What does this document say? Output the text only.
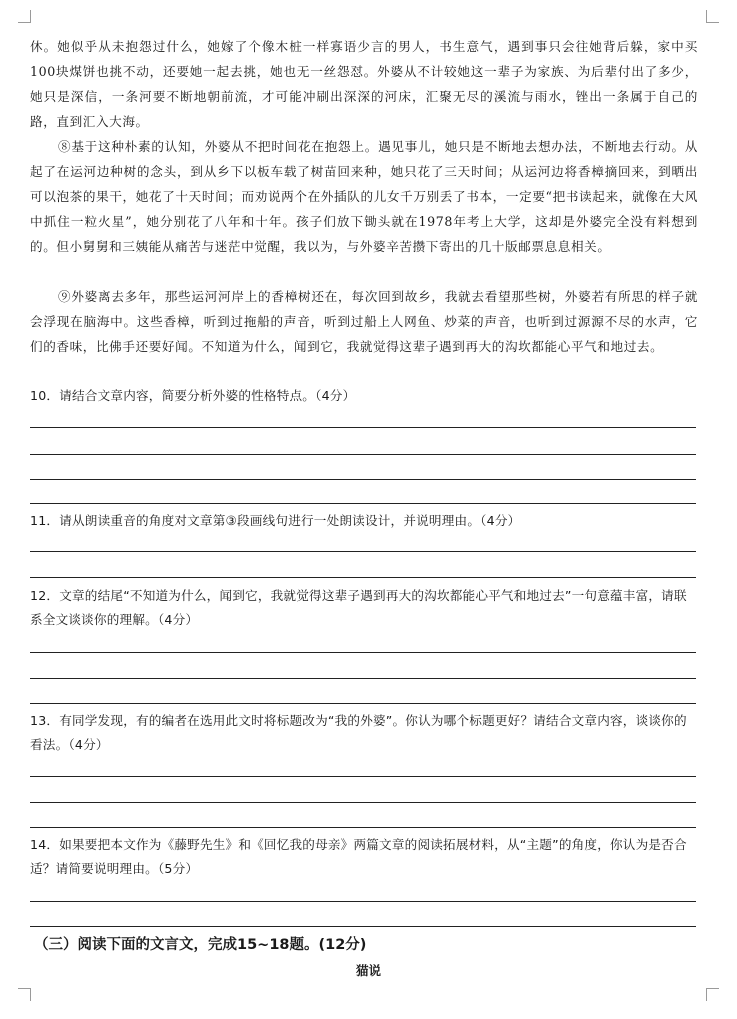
休。她似乎从未抱怨过什么，她嫁了个像木桩一样寡语少言的男人，书生意气，遇到事只会往她背后躲，家中买100块煤饼也挑不动，还要她一起去挑，她也无一丝怨怼。外婆从不计较她这一辈子为家族、为后辈付出了多少，她只是深信，一条河要不断地朝前流，才可能冲刷出深深的河床，汇聚无尽的溪流与雨水，锉出一条属于自己的路，直到汇入大海。

⑧基于这种朴素的认知，外婆从不把时间花在抱怨上。遇见事儿，她只是不断地去想办法，不断地去行动。从起了在运河边种树的念头，到从乡下以板车载了树苗回来种，她只花了三天时间；从运河边将香樟摘回来，到晒出可以泡茶的果干，她花了十天时间；而劝说两个在外插队的儿女千万别丢了书本，一定要“把书读起来，就像在大风中抓住一粒火星”，她分别花了八年和十年。孩子们放下锄头就在1978年考上大学，这却是外婆完全没有料想到的。但小舅舅和三姨能从痛苦与迷茫中觉醒，我以为，与外婆辛苦攒下寄出的几十版邮票息息相关。

⑨外婆离去多年，那些运河河岸上的香樟树还在，每次回到故乡，我就去看望那些树，外婆若有所思的样子就会浮现在脑海中。这些香樟，听到过拖船的声音，听到过船上人网鱼、炒菜的声音，也听到过源源不尽的水声，它们的香味，比佛手还要好闻。不知道为什么，闻到它，我就觉得这辈子遇到再大的沟坎都能心平气和地过去。

10．请结合文章内容，简要分析外婆的性格特点。（4分）

11．请从朗读重音的角度对文章第③段画线句进行一处朗读设计，并说明理由。（4分）

12．文章的结尾“不知道为什么，闻到它，我就觉得这辈子遇到再大的沟坎都能心平气和地过去”一句意蕴丰富，请联系全文谈谈你的理解。（4分）

13．有同学发现，有的编者在选用此文时将标题改为“我的外婆”。你认为哪个标题更好？请结合文章内容，谈谈你的看法。（4分）

14．如果要把本文作为《藤野先生》和《回忆我的母亲》两篇文章的阅读拓展材料，从“主题”的角度，你认为是否合适？请简要说明理由。（5分）

（三）阅读下面的文言文，完成15~18题。(12分)

猫说
